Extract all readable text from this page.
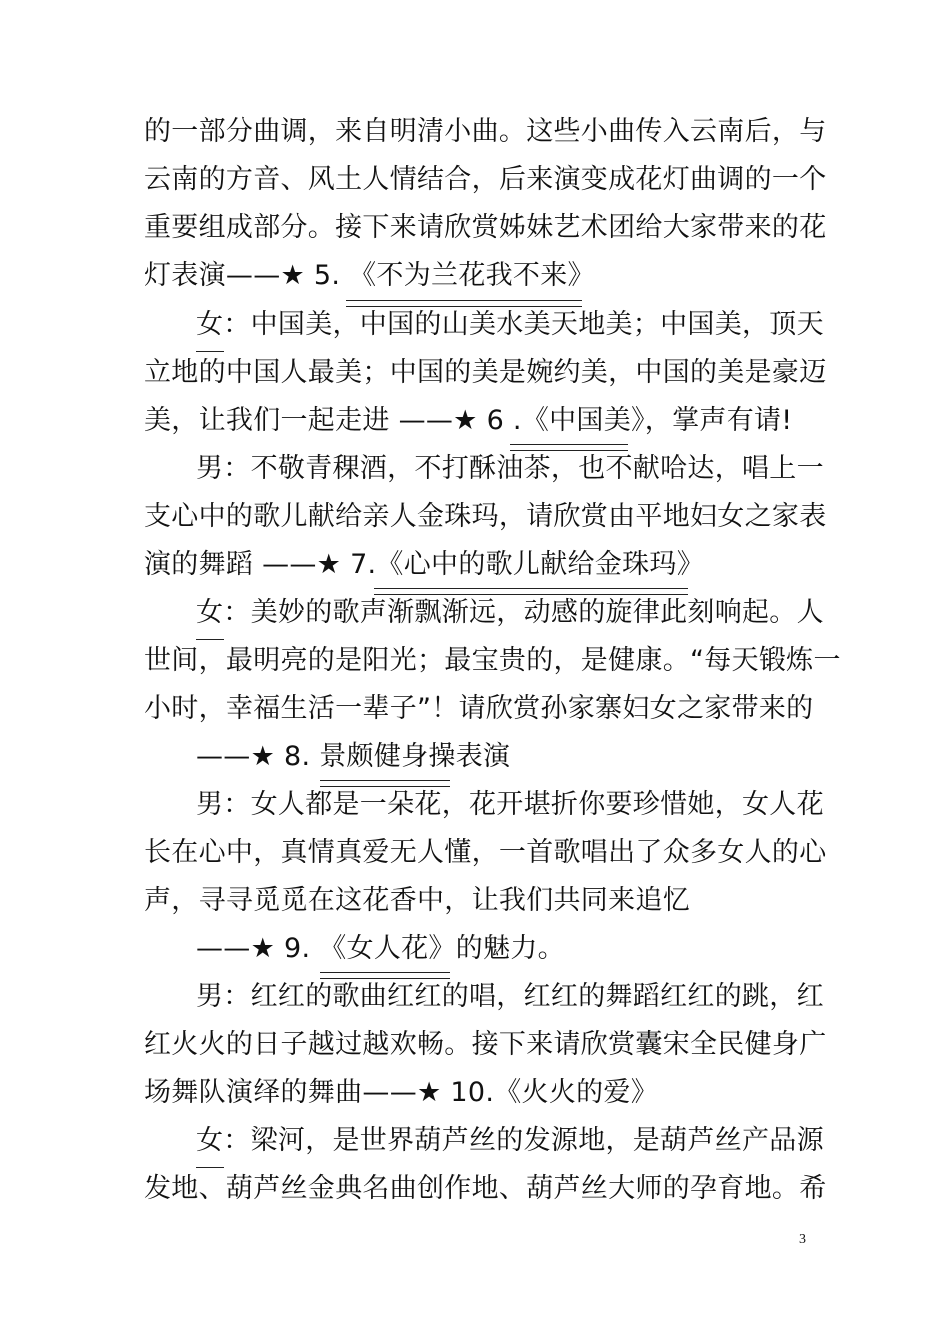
的一部分曲调，来自明清小曲。这些小曲传入云南后，与
云南的方音、风土人情结合，后来演变成花灯曲调的一个
重要组成部分。接下来请欣赏姊妹艺术团给大家带来的花
灯表演——★ 5. 《不为兰花我不来》
女：中国美，中国的山美水美天地美；中国美，顶天
立地的中国人最美；中国的美是婉约美，中国的美是豪迈
美，让我们一起走进 ——★ 6 .《中国美》，掌声有请!
男：不敬青稞酒，不打酥油茶，也不献哈达，唱上一
支心中的歌儿献给亲人金珠玛，请欣赏由平地妇女之家表
演的舞蹈 ——★ 7.《心中的歌儿献给金珠玛》
女：美妙的歌声渐飘渐远，动感的旋律此刻响起。人
世间，最明亮的是阳光；最宝贵的，是健康。“每天锻炼一
小时，幸福生活一辈子”！请欣赏孙家寨妇女之家带来的
——★ 8. 景颇健身操表演
男：女人都是一朵花，花开堪折你要珍惜她，女人花
长在心中，真情真爱无人懂，一首歌唱出了众多女人的心
声，寻寻觅觅在这花香中，让我们共同来追忆
——★ 9. 《女人花》的魅力。
男：红红的歌曲红红的唱，红红的舞蹈红红的跳，红
红火火的日子越过越欢畅。接下来请欣赏囊宋全民健身广
场舞队演绎的舞曲——★ 10.《火火的爱》
女：梁河，是世界葫芦丝的发源地，是葫芦丝产品源
发地、葫芦丝金典名曲创作地、葫芦丝大师的孕育地。希
3
